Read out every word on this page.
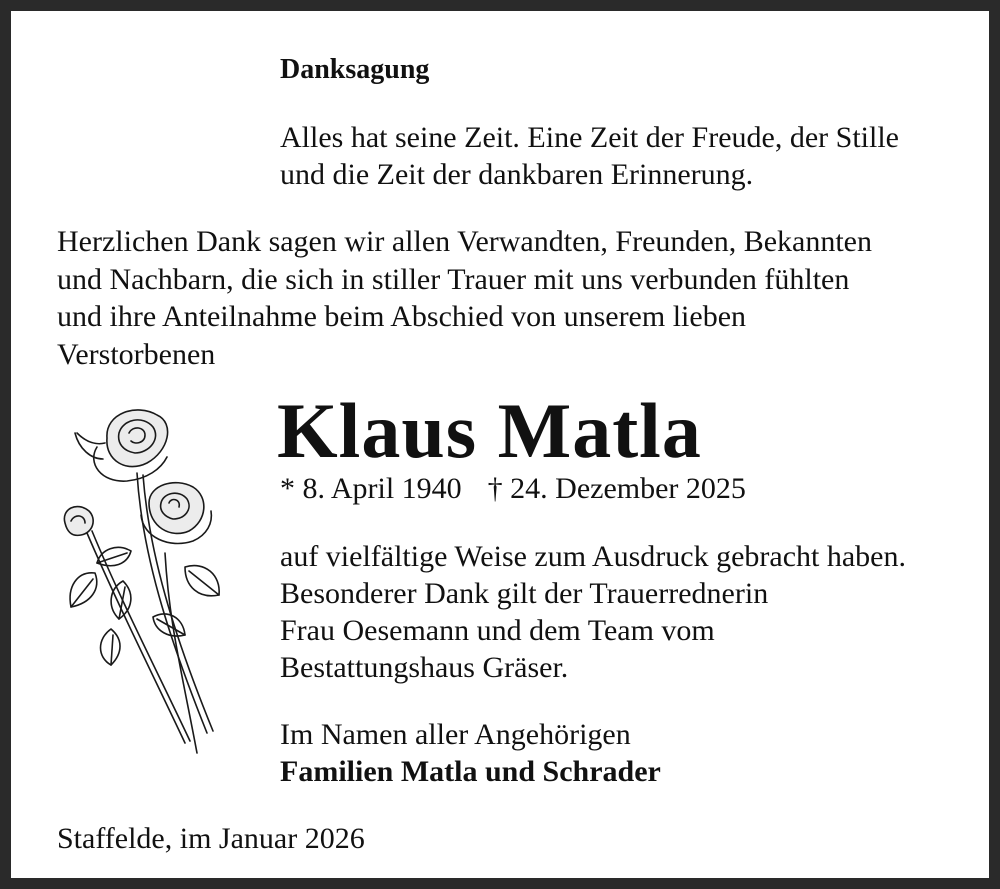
Danksagung

Alles hat seine Zeit. Eine Zeit der Freude, der Stille
und die Zeit der dankbaren Erinnerung.

Herzlichen Dank sagen wir allen Verwandten, Freunden, Bekannten
und Nachbarn, die sich in stiller Trauer mit uns verbunden fühlten
und ihre Anteilnahme beim Abschied von unserem lieben
Verstorbenen

Klaus Matla

* 8. April 1940 † 24. Dezember 2025

auf vielfältige Weise zum Ausdruck gebracht haben.
Besonderer Dank gilt der Trauerrednerin
Frau Oesemann und dem Team vom
Bestattungshaus Gräser.

Im Namen aller Angehörigen
Familien Matla und Schrader

Staffelde, im Januar 2026
